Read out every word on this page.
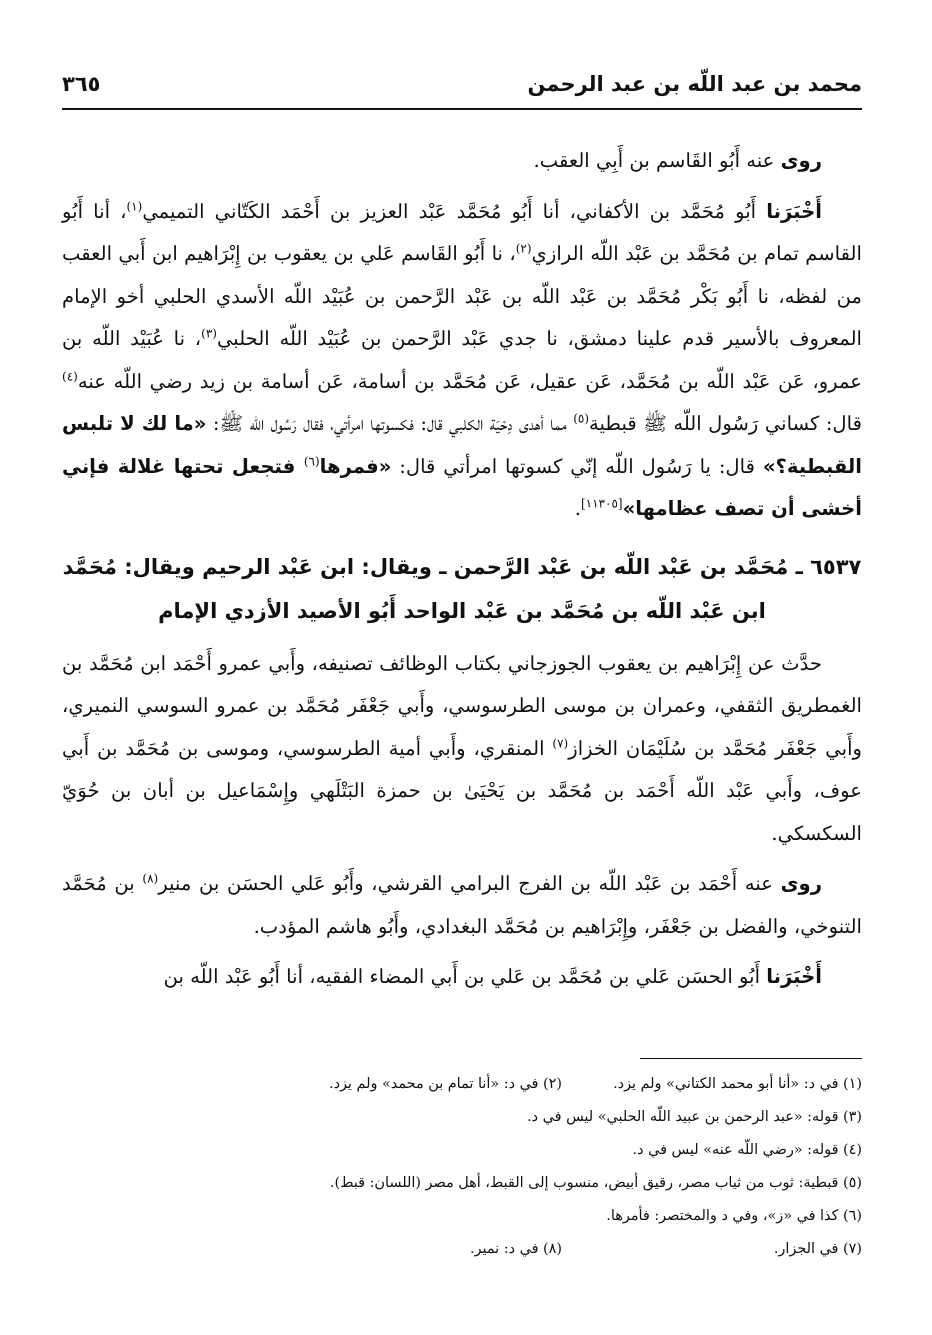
محمد بن عبد اللّه بن عبد الرحمن
٣٦٥

روى عنه أَبُو القَاسم بن أَبِي العقب.

أَخْبَرَنا أَبُو مُحَمَّد بن الأكفاني، أنا أَبُو مُحَمَّد عَبْد العزيز بن أَحْمَد الكَتّاني التميمي$^{(١)}$، أنا أَبُو القاسم تمام بن مُحَمَّد بن عَبْد اللّه الرازي$^{(٢)}$، نا أَبُو القَاسم عَلي بن يعقوب بن إِبْرَاهيم ابن أَبي العقب من لفظه، نا أَبُو بَكْر مُحَمَّد بن عَبْد اللّه بن عَبْد الرَّحمن بن عُبَيْد اللّه الأسدي الحلبي أخو الإمام المعروف بالأسير قدم علينا دمشق، نا جدي عَبْد الرَّحمن بن عُبَيْد اللّه الحلبي$^{(٣)}$، نا عُبَيْد اللّه بن عمرو، عَن عَبْد اللّه بن مُحَمَّد، عَن عقيل، عَن مُحَمَّد بن أسامة، عَن أسامة بن زيد رضي اللّه عنه$^{(٤)}$ قال: كساني رَسُول اللّه ﷺ قبطية$^{(٥)}$ مما أهدى دِحْيَة الكلبي قال: فكسوتها امرأتي، فقال رَسُول اللّه ﷺ: «ما لك لا تلبس القبطية؟» قال: يا رَسُول اللّه إنّي كسوتها امرأتي قال: «فمرها$^{(٦)}$ فتجعل تحتها غلالة فإني أخشى أن تصف عظامها»[١١٣٠٥].

٦٥٣٧ ـ مُحَمَّد بن عَبْد اللّه بن عَبْد الرَّحمن ـ ويقال: ابن عَبْد الرحيم ويقال: مُحَمَّد
ابن عَبْد اللّه بن مُحَمَّد بن عَبْد الواحد أَبُو الأصيد الأزدي الإمام

حدَّث عن إِبْرَاهيم بن يعقوب الجوزجاني بكتاب الوظائف تصنيفه، وأَبي عمرو أَحْمَد ابن مُحَمَّد بن الغمطريق الثقفي، وعمران بن موسى الطرسوسي، وأَبي جَعْفَر مُحَمَّد بن عمرو السوسي النميري، وأَبي جَعْفَر مُحَمَّد بن سُلَيْمَان الخزاز$^{(٧)}$ المنقري، وأَبي أمية الطرسوسي، وموسى بن مُحَمَّد بن أَبي عوف، وأَبي عَبْد اللّه أَحْمَد بن مُحَمَّد بن يَحْيَىٰ بن حمزة البَتْلَهي وإِسْمَاعيل بن أبان بن حُوَيّ السكسكي.

روى عنه أَحْمَد بن عَبْد اللّه بن الفرج البرامي القرشي، وأَبُو عَلي الحسَن بن منير$^{(٨)}$ بن مُحَمَّد التنوخي، والفضل بن جَعْفَر، وإِبْرَاهيم بن مُحَمَّد البغدادي، وأَبُو هاشم المؤدب.

أَخْبَرَنا أَبُو الحسَن عَلي بن مُحَمَّد بن عَلي بن أَبي المضاء الفقيه، أنا أَبُو عَبْد اللّه بن

(١) في د: «أنا أبو محمد الكتاني» ولم يزد.
(٢) في د: «أنا تمام بن محمد» ولم يزد.
(٣) قوله: «عبد الرحمن بن عبيد اللّه الحلبي» ليس في د.
(٤) قوله: «رضي اللّه عنه» ليس في د.
(٥) قبطية: ثوب من ثياب مصر، رقيق أبيض، منسوب إلى القبط، أهل مصر (اللسان: قبط).
(٦) كذا في «ز»، وفي د والمختصر: فأمرها.
(٧) في الجزار.
(٨) في د: نمير.
